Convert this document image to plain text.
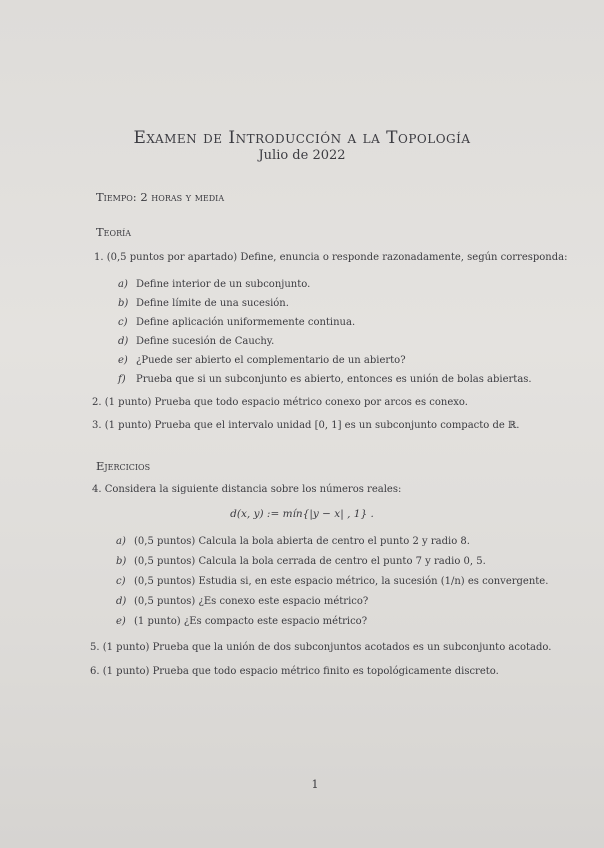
Examen de Introducción a la Topología
Julio de 2022
Tiempo: 2 horas y media
Teoría
1. (0,5 puntos por apartado) Define, enuncia o responde razonadamente, según corresponda:
a) Define interior de un subconjunto.
b) Define límite de una sucesión.
c) Define aplicación uniformemente continua.
d) Define sucesión de Cauchy.
e) ¿Puede ser abierto el complementario de un abierto?
f) Prueba que si un subconjunto es abierto, entonces es unión de bolas abiertas.
2. (1 punto) Prueba que todo espacio métrico conexo por arcos es conexo.
3. (1 punto) Prueba que el intervalo unidad [0, 1] es un subconjunto compacto de ℝ.
Ejercicios
4. Considera la siguiente distancia sobre los números reales:
d(x, y) := mín{|y − x| , 1} .
a) (0,5 puntos) Calcula la bola abierta de centro el punto 2 y radio 8.
b) (0,5 puntos) Calcula la bola cerrada de centro el punto 7 y radio 0, 5.
c) (0,5 puntos) Estudia si, en este espacio métrico, la sucesión (1/n) es convergente.
d) (0,5 puntos) ¿Es conexo este espacio métrico?
e) (1 punto) ¿Es compacto este espacio métrico?
5. (1 punto) Prueba que la unión de dos subconjuntos acotados es un subconjunto acotado.
6. (1 punto) Prueba que todo espacio métrico finito es topológicamente discreto.
1
